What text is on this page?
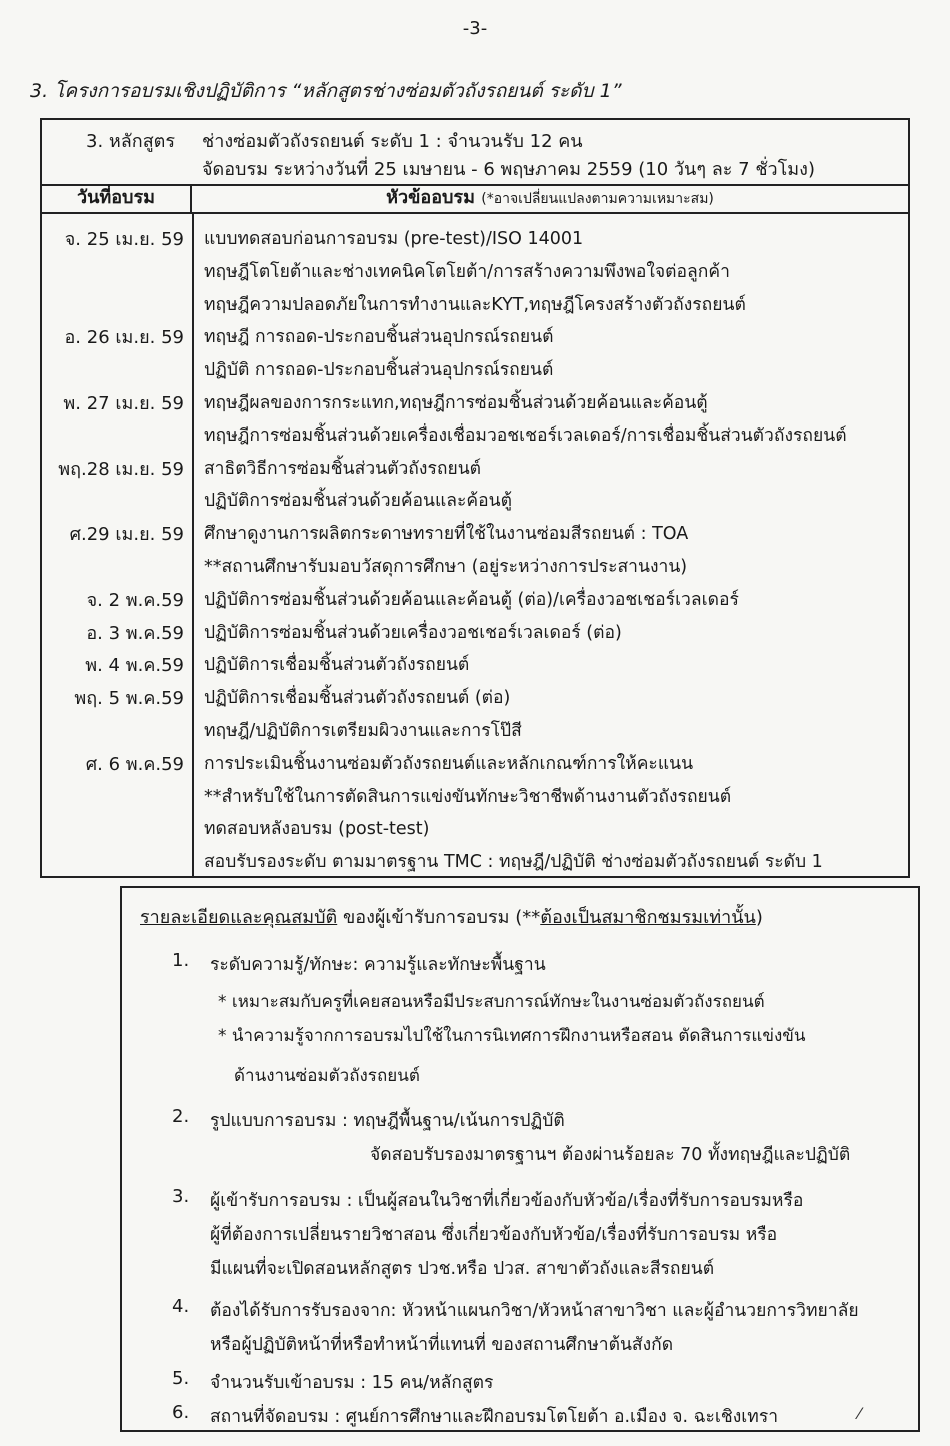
-3-
3. โครงการอบรมเชิงปฏิบัติการ “หลักสูตรช่างซ่อมตัวถังรถยนต์ ระดับ 1”
3. หลักสูตร ช่างซ่อมตัวถังรถยนต์ ระดับ 1 : จำนวนรับ 12 คน
จัดอบรม ระหว่างวันที่ 25 เมษายน - 6 พฤษภาคม 2559 (10 วันๆ ละ 7 ชั่วโมง)
วันที่อบรม	หัวข้ออบรม (*อาจเปลี่ยนแปลงตามความเหมาะสม)
จ. 25 เม.ย. 59 แบบทดสอบก่อนการอบรม (pre-test)/ISO 14001
ทฤษฎีโตโยต้าและช่างเทคนิคโตโยต้า/การสร้างความพึงพอใจต่อลูกค้า
ทฤษฎีความปลอดภัยในการทำงานและKYT,ทฤษฎีโครงสร้างตัวถังรถยนต์
อ. 26 เม.ย. 59 ทฤษฎี การถอด-ประกอบชิ้นส่วนอุปกรณ์รถยนต์
ปฏิบัติ การถอด-ประกอบชิ้นส่วนอุปกรณ์รถยนต์
พ. 27 เม.ย. 59 ทฤษฎีผลของการกระแทก,ทฤษฎีการซ่อมชิ้นส่วนด้วยค้อนและค้อนตู้
ทฤษฎีการซ่อมชิ้นส่วนด้วยเครื่องเชื่อมวอชเชอร์เวลเดอร์/การเชื่อมชิ้นส่วนตัวถังรถยนต์
พฤ.28 เม.ย. 59 สาธิตวิธีการซ่อมชิ้นส่วนตัวถังรถยนต์
ปฏิบัติการซ่อมชิ้นส่วนด้วยค้อนและค้อนตู้
ศ.29 เม.ย. 59 ศึกษาดูงานการผลิตกระดาษทรายที่ใช้ในงานซ่อมสีรถยนต์ : TOA
**สถานศึกษารับมอบวัสดุการศึกษา (อยู่ระหว่างการประสานงาน)
จ. 2 พ.ค.59 ปฏิบัติการซ่อมชิ้นส่วนด้วยค้อนและค้อนตู้ (ต่อ)/เครื่องวอชเชอร์เวลเดอร์
อ. 3 พ.ค.59 ปฏิบัติการซ่อมชิ้นส่วนด้วยเครื่องวอชเชอร์เวลเดอร์ (ต่อ)
พ. 4 พ.ค.59 ปฏิบัติการเชื่อมชิ้นส่วนตัวถังรถยนต์
พฤ. 5 พ.ค.59 ปฏิบัติการเชื่อมชิ้นส่วนตัวถังรถยนต์ (ต่อ)
ทฤษฎี/ปฏิบัติการเตรียมผิวงานและการโป๊สี
ศ. 6 พ.ค.59 การประเมินชิ้นงานซ่อมตัวถังรถยนต์และหลักเกณฑ์การให้คะแนน
**สำหรับใช้ในการตัดสินการแข่งขันทักษะวิชาชีพด้านงานตัวถังรถยนต์
ทดสอบหลังอบรม (post-test)
สอบรับรองระดับ ตามมาตรฐาน TMC : ทฤษฎี/ปฏิบัติ ช่างซ่อมตัวถังรถยนต์ ระดับ 1
รายละเอียดและคุณสมบัติ ของผู้เข้ารับการอบรม (**ต้องเป็นสมาชิกชมรมเท่านั้น)
1. ระดับความรู้/ทักษะ: ความรู้และทักษะพื้นฐาน
* เหมาะสมกับครูที่เคยสอนหรือมีประสบการณ์ทักษะในงานซ่อมตัวถังรถยนต์
* นำความรู้จากการอบรมไปใช้ในการนิเทศการฝึกงานหรือสอน ตัดสินการแข่งขัน
ด้านงานซ่อมตัวถังรถยนต์
2. รูปแบบการอบรม : ทฤษฎีพื้นฐาน/เน้นการปฏิบัติ
จัดสอบรับรองมาตรฐานฯ ต้องผ่านร้อยละ 70 ทั้งทฤษฎีและปฏิบัติ
3. ผู้เข้ารับการอบรม : เป็นผู้สอนในวิชาที่เกี่ยวข้องกับหัวข้อ/เรื่องที่รับการอบรมหรือ
ผู้ที่ต้องการเปลี่ยนรายวิชาสอน ซึ่งเกี่ยวข้องกับหัวข้อ/เรื่องที่รับการอบรม หรือ
มีแผนที่จะเปิดสอนหลักสูตร ปวช.หรือ ปวส. สาขาตัวถังและสีรถยนต์
4. ต้องได้รับการรับรองจาก: หัวหน้าแผนกวิชา/หัวหน้าสาขาวิชา และผู้อำนวยการวิทยาลัย
หรือผู้ปฏิบัติหน้าที่หรือทำหน้าที่แทนที่ ของสถานศึกษาต้นสังกัด
5. จำนวนรับเข้าอบรม : 15 คน/หลักสูตร
6. สถานที่จัดอบรม : ศูนย์การศึกษาและฝึกอบรมโตโยต้า อ.เมือง จ. ฉะเชิงเทรา	⁄
